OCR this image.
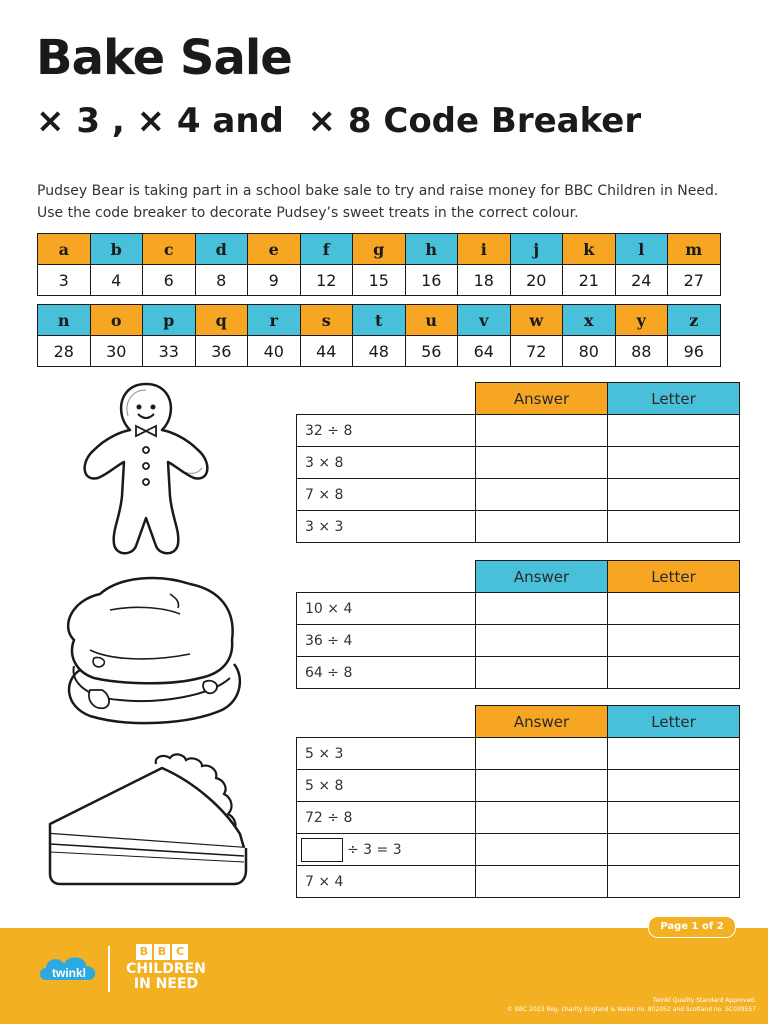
Bake Sale
× 3 , × 4 and  × 8 Code Breaker

Pudsey Bear is taking part in a school bake sale to try and raise money for BBC Children in Need.

Use the code breaker to decorate Pudsey’s sweet treats in the correct colour.

a	b	c	d	e	f	g	h	i	j	k	l	m
3	4	6	8	9	12	15	16	18	20	21	24	27
n	o	p	q	r	s	t	u	v	w	x	y	z
28	30	33	36	40	44	48	56	64	72	80	88	96
	Answer	Letter
32 ÷ 8		
3 × 8		
7 × 8		
3 × 3		
	Answer	Letter
10 × 4		
36 ÷ 4		
64 ÷ 8		
	Answer	Letter
5 × 3		
5 × 8		
72 ÷ 8		
÷ 3 = 3		
7 × 4		
Page 1 of 2
twinkl
B B C
CHILDREN
IN NEED
Twinkl Quality Standard Approved.
© BBC 2023 Reg. charity England & Wales no. 802052 and Scotland no. SC039557
